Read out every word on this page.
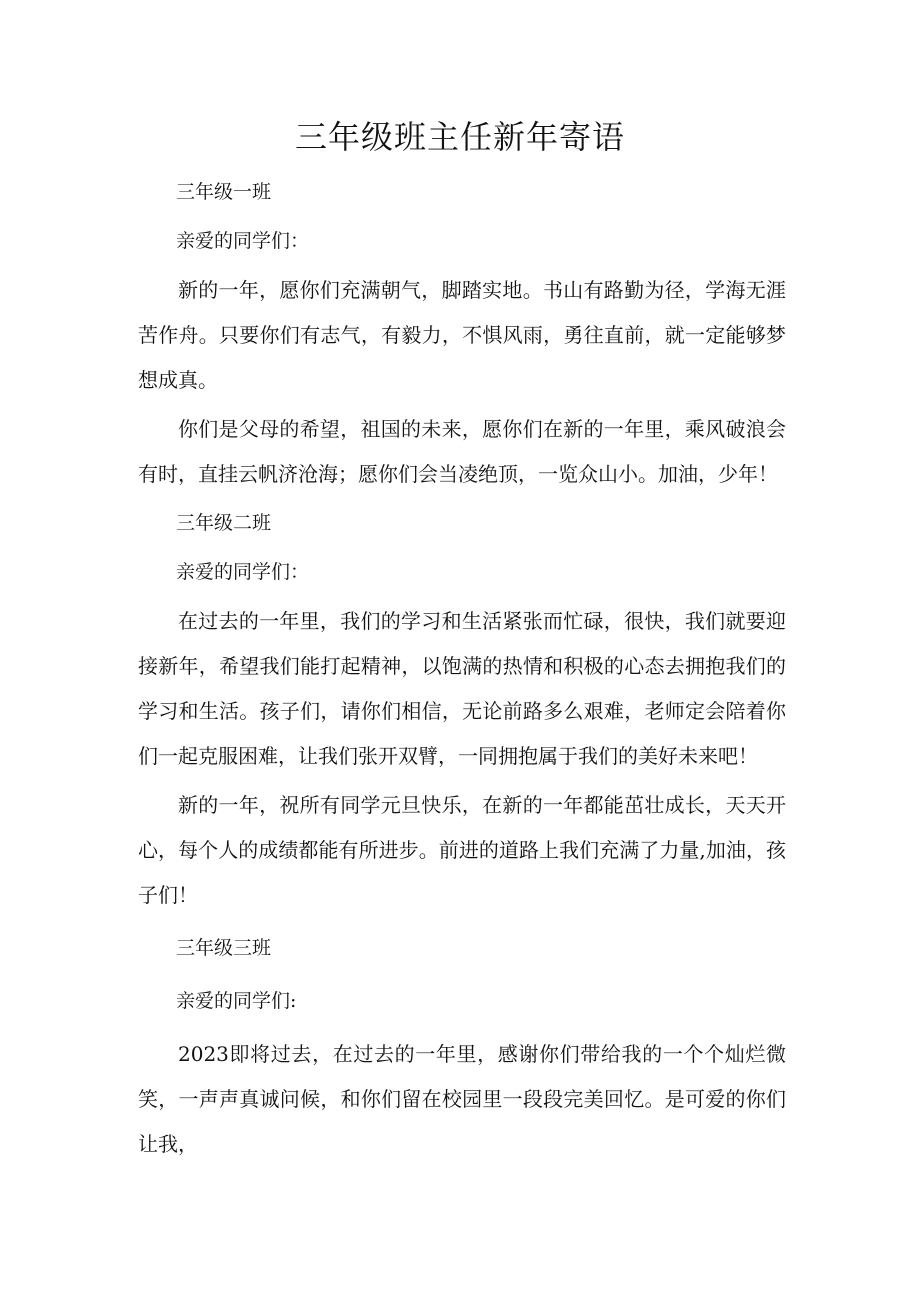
三年级班主任新年寄语

三年级一班

亲爱的同学们：

新的一年，愿你们充满朝气，脚踏实地。书山有路勤为径，学海无涯苦作舟。只要你们有志气，有毅力，不惧风雨，勇往直前，就一定能够梦想成真。

你们是父母的希望，祖国的未来，愿你们在新的一年里，乘风破浪会有时，直挂云帆济沧海；愿你们会当凌绝顶，一览众山小。加油，少年！

三年级二班

亲爱的同学们：

在过去的一年里，我们的学习和生活紧张而忙碌，很快，我们就要迎接新年，希望我们能打起精神，以饱满的热情和积极的心态去拥抱我们的学习和生活。孩子们，请你们相信，无论前路多么艰难，老师定会陪着你们一起克服困难，让我们张开双臂，一同拥抱属于我们的美好未来吧！

新的一年，祝所有同学元旦快乐，在新的一年都能茁壮成长，天天开心，每个人的成绩都能有所进步。前进的道路上我们充满了力量,加油，孩子们！

三年级三班

亲爱的同学们:

2023即将过去，在过去的一年里，感谢你们带给我的一个个灿烂微笑，一声声真诚问候，和你们留在校园里一段段完美回忆。是可爱的你们让我，
